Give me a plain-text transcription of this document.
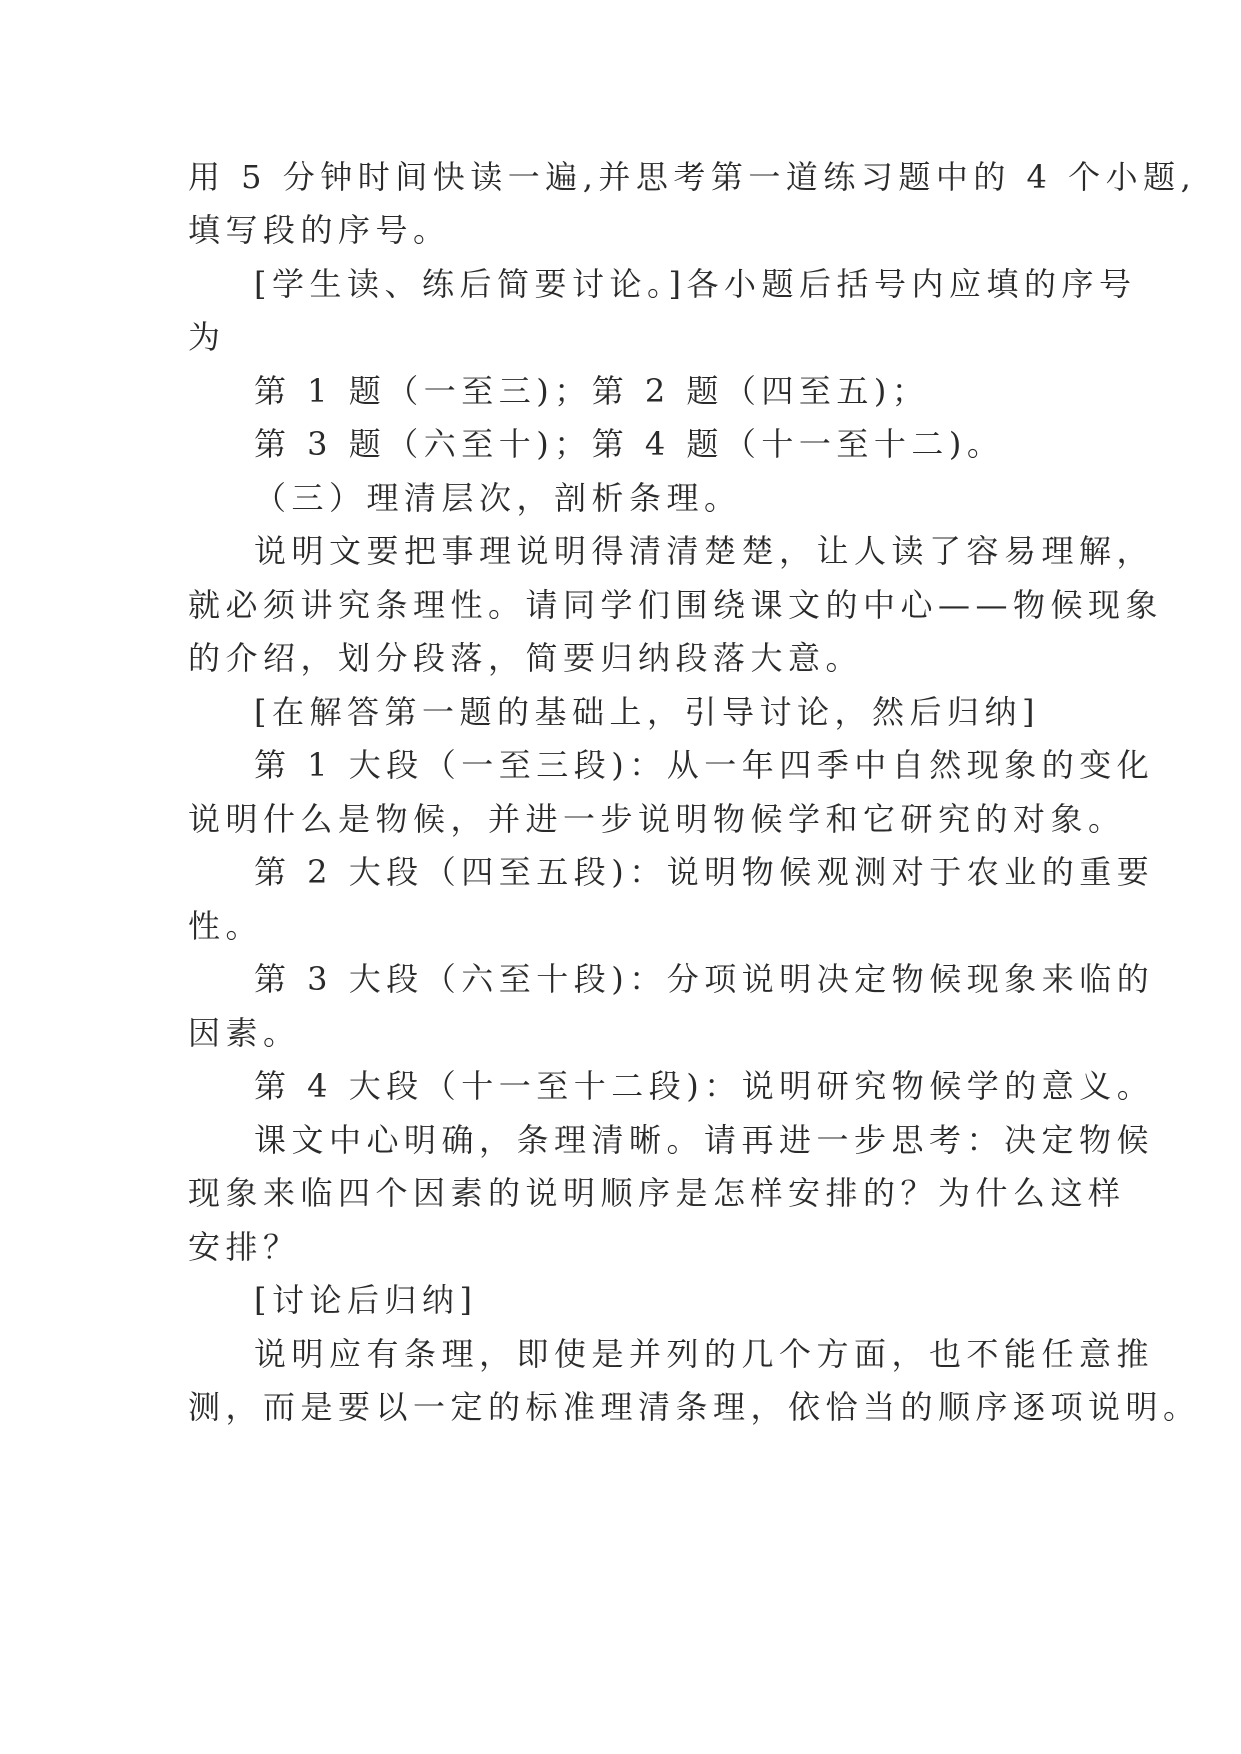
用 5 分钟时间快读一遍,并思考第一道练习题中的 4 个小题,
填写段的序号。
[学生读、练后简要讨论。]各小题后括号内应填的序号
为
第 1 题（一至三)；第 2 题（四至五)；
第 3 题（六至十)；第 4 题（十一至十二)。
（三）理清层次，剖析条理。
说明文要把事理说明得清清楚楚，让人读了容易理解，
就必须讲究条理性。请同学们围绕课文的中心——物候现象
的介绍，划分段落，简要归纳段落大意。
[在解答第一题的基础上，引导讨论，然后归纳]
第 1 大段（一至三段)：从一年四季中自然现象的变化
说明什么是物候，并进一步说明物候学和它研究的对象。
第 2 大段（四至五段)：说明物候观测对于农业的重要
性。
第 3 大段（六至十段)：分项说明决定物候现象来临的
因素。
第 4 大段（十一至十二段)：说明研究物候学的意义。
课文中心明确，条理清晰。请再进一步思考：决定物候
现象来临四个因素的说明顺序是怎样安排的？为什么这样
安排？
[讨论后归纳]
说明应有条理，即使是并列的几个方面，也不能任意推
测，而是要以一定的标准理清条理，依恰当的顺序逐项说明。
